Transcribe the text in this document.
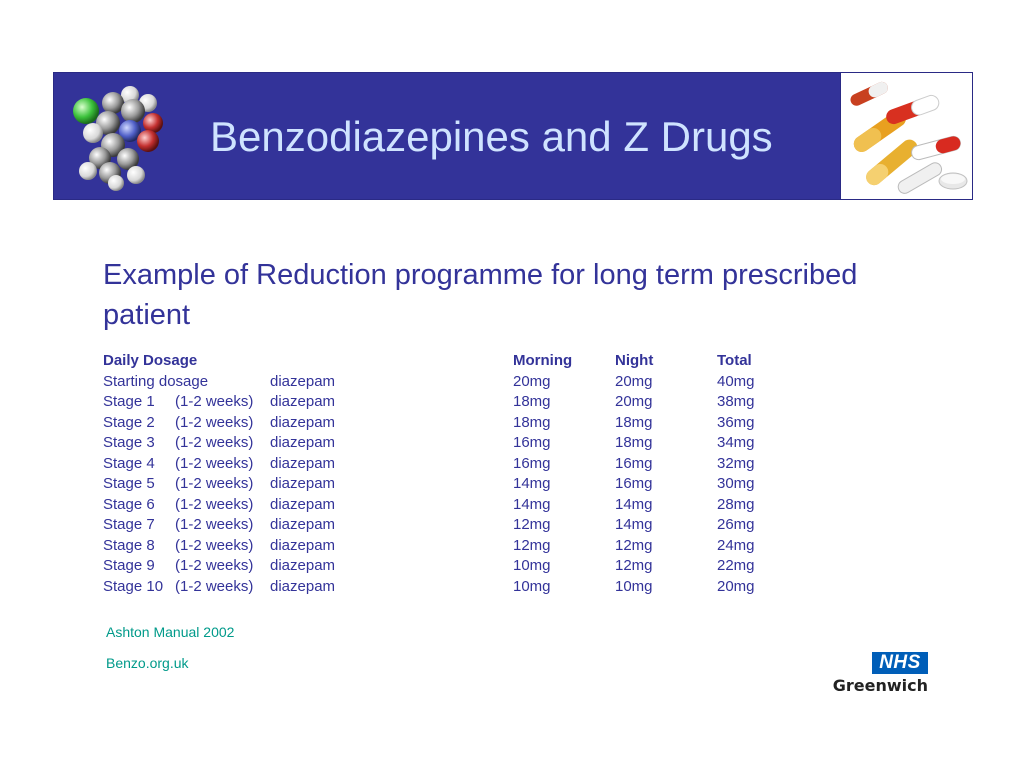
Benzodiazepines and Z Drugs
Example of Reduction programme for long term prescribed patient
Daily Dosage	Morning	Night	Total
Starting dosage	diazepam	20mg	20mg	40mg
Stage 1 (1-2 weeks) diazepam	18mg	20mg	38mg
Stage 2 (1-2 weeks) diazepam	18mg	18mg	36mg
Stage 3 (1-2 weeks) diazepam	16mg	18mg	34mg
Stage 4 (1-2 weeks) diazepam	16mg	16mg	32mg
Stage 5 (1-2 weeks) diazepam	14mg	16mg	30mg
Stage 6 (1-2 weeks) diazepam	14mg	14mg	28mg
Stage 7 (1-2 weeks) diazepam	12mg	14mg	26mg
Stage 8 (1-2 weeks) diazepam	12mg	12mg	24mg
Stage 9 (1-2 weeks) diazepam	10mg	12mg	22mg
Stage 10 (1-2 weeks) diazepam	10mg	10mg	20mg
Ashton Manual 2002
Benzo.org.uk	NHS
Greenwich
